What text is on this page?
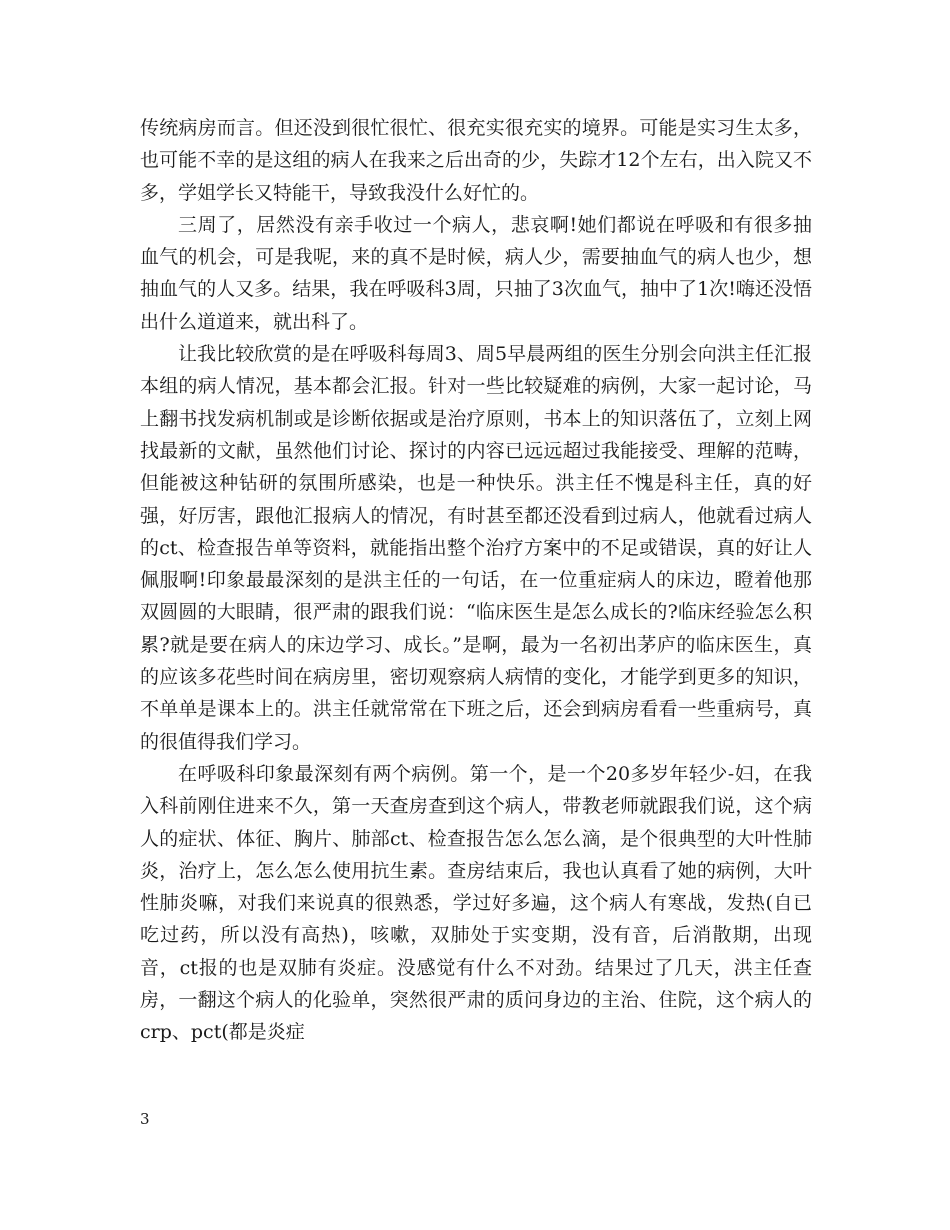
传统病房而言。但还没到很忙很忙、很充实很充实的境界。可能是实习生太多，也可能不幸的是这组的病人在我来之后出奇的少，失踪才12个左右，出入院又不多，学姐学长又特能干，导致我没什么好忙的。

三周了，居然没有亲手收过一个病人，悲哀啊!她们都说在呼吸和有很多抽血气的机会，可是我呢，来的真不是时候，病人少，需要抽血气的病人也少，想抽血气的人又多。结果，我在呼吸科3周，只抽了3次血气，抽中了1次!嗨还没悟出什么道道来，就出科了。

让我比较欣赏的是在呼吸科每周3、周5早晨两组的医生分别会向洪主任汇报本组的病人情况，基本都会汇报。针对一些比较疑难的病例，大家一起讨论，马上翻书找发病机制或是诊断依据或是治疗原则，书本上的知识落伍了，立刻上网找最新的文献，虽然他们讨论、探讨的内容已远远超过我能接受、理解的范畴，但能被这种钻研的氛围所感染，也是一种快乐。洪主任不愧是科主任，真的好强，好厉害，跟他汇报病人的情况，有时甚至都还没看到过病人，他就看过病人的ct、检查报告单等资料，就能指出整个治疗方案中的不足或错误，真的好让人佩服啊!印象最最深刻的是洪主任的一句话，在一位重症病人的床边，瞪着他那双圆圆的大眼睛，很严肃的跟我们说：“临床医生是怎么成长的?临床经验怎么积累?就是要在病人的床边学习、成长。”是啊，最为一名初出茅庐的临床医生，真的应该多花些时间在病房里，密切观察病人病情的变化，才能学到更多的知识，不单单是课本上的。洪主任就常常在下班之后，还会到病房看看一些重病号，真的很值得我们学习。

在呼吸科印象最深刻有两个病例。第一个，是一个20多岁年轻少-妇，在我入科前刚住进来不久，第一天查房查到这个病人，带教老师就跟我们说，这个病人的症状、体征、胸片、肺部ct、检查报告怎么怎么滴，是个很典型的大叶性肺炎，治疗上，怎么怎么使用抗生素。查房结束后，我也认真看了她的病例，大叶性肺炎嘛，对我们来说真的很熟悉，学过好多遍，这个病人有寒战，发热(自已吃过药，所以没有高热)，咳嗽，双肺处于实变期，没有音，后消散期，出现音，ct报的也是双肺有炎症。没感觉有什么不对劲。结果过了几天，洪主任查房，一翻这个病人的化验单，突然很严肃的质问身边的主治、住院，这个病人的crp、pct(都是炎症

3
